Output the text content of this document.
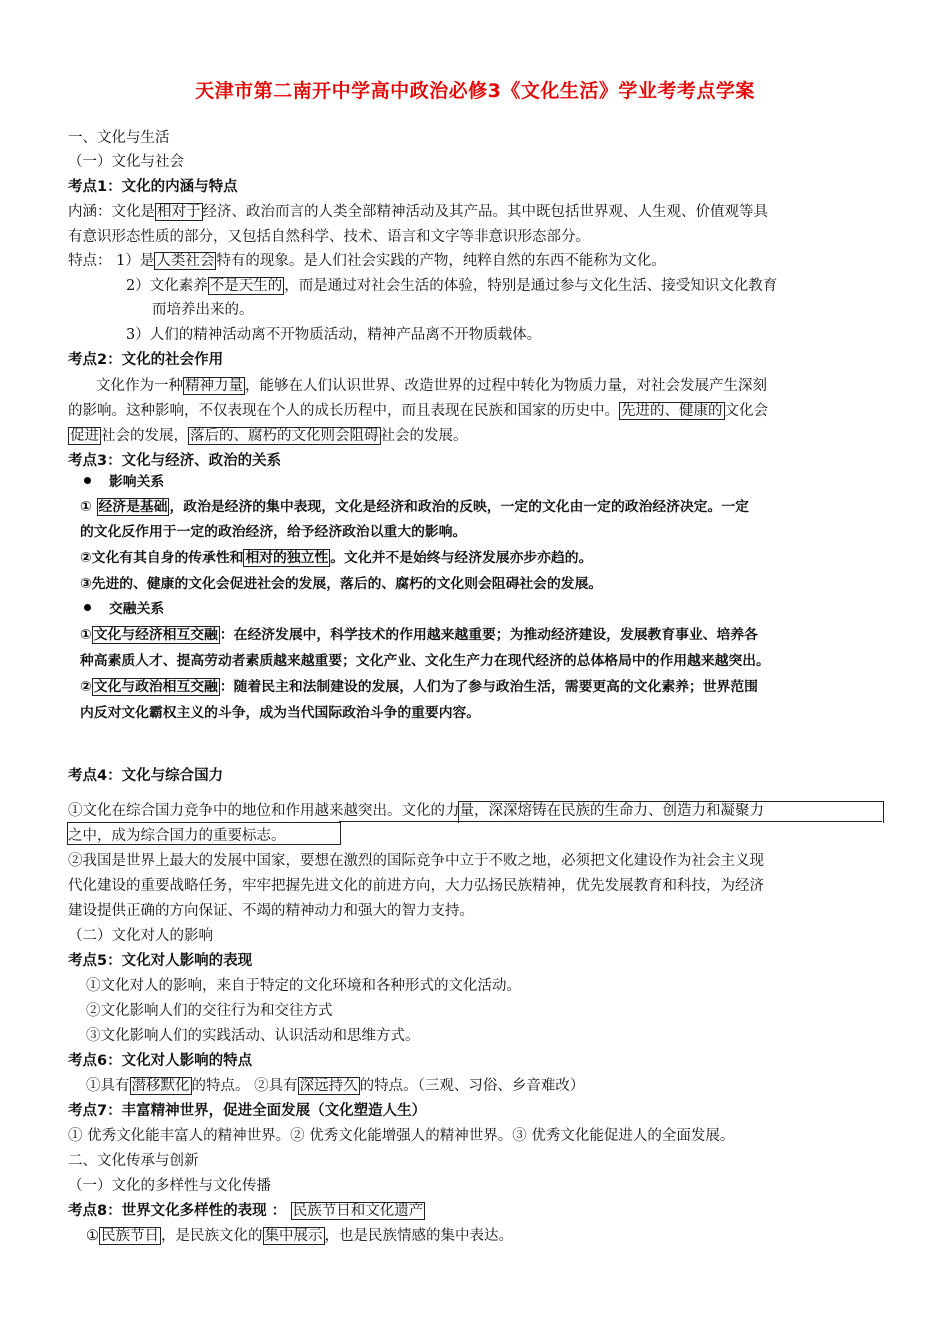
天津市第二南开中学高中政治必修3《文化生活》学业考考点学案
一、文化与生活
（一）文化与社会
考点1：文化的内涵与特点
内涵：文化是 相对于 经济、政治而言的人类全部精神活动及其产品。其中既包括世界观、人生观、价值观等具
有意识形态性质的部分，又包括自然科学、技术、语言和文字等非意识形态部分。
特点： 1）是 人类社会 特有的现象。是人们社会实践的产物，纯粹自然的东西不能称为文化。
2）文化素养 不是天生的 ，而是通过对社会生活的体验，特别是通过参与文化生活、接受知识文化教育
而培养出来的。
3）人们的精神活动离不开物质活动，精神产品离不开物质载体。
考点2：文化的社会作用
文化作为一种 精神力量 ，能够在人们认识世界、改造世界的过程中转化为物质力量，对社会发展产生深刻
的影响。这种影响，不仅表现在个人的成长历程中，而且表现在民族和国家的历史中。 先进的、健康的 文化会
促进 社会的发展， 落后的、腐朽的文化则会阻碍 社会的发展。
考点3：文化与经济、政治的关系
影响关系
① 经济是基础 ，政治是经济的集中表现，文化是经济和政治的反映，一定的文化由一定的政治经济决定。一定
的文化反作用于一定的政治经济，给予经济政治以重大的影响。
②文化有其自身的传承性和 相对的独立性 。文化并不是始终与经济发展亦步亦趋的。
③先进的、健康的文化会促进社会的发展，落后的、腐朽的文化则会阻碍社会的发展。
交融关系
① 文化与经济相互交融 ：在经济发展中，科学技术的作用越来越重要；为推动经济建设，发展教育事业、培养各
种高素质人才、提高劳动者素质越来越重要；文化产业、文化生产力在现代经济的总体格局中的作用越来越突出。
② 文化与政治相互交融 ：随着民主和法制建设的发展，人们为了参与政治生活，需要更高的文化素养；世界范围
内反对文化霸权主义的斗争，成为当代国际政治斗争的重要内容。
考点4：文化与综合国力
①文化在综合国力竞争中的地位和作用越来越突出。文化的力量，深深熔铸在民族的生命力、创造力和凝聚力
之中，成为综合国力的重要标志。
②我国是世界上最大的发展中国家，要想在激烈的国际竞争中立于不败之地，必须把文化建设作为社会主义现
代化建设的重要战略任务，牢牢把握先进文化的前进方向，大力弘扬民族精神，优先发展教育和科技，为经济
建设提供正确的方向保证、不竭的精神动力和强大的智力支持。
（二）文化对人的影响
考点5：文化对人影响的表现
①文化对人的影响，来自于特定的文化环境和各种形式的文化活动。
②文化影响人们的交往行为和交往方式
③文化影响人们的实践活动、认识活动和思维方式。
考点6：文化对人影响的特点
①具有 潜移默化 的特点。 ②具有 深远持久 的特点。（三观、习俗、乡音难改）
考点7：丰富精神世界，促进全面发展（文化塑造人生）
① 优秀文化能丰富人的精神世界。② 优秀文化能增强人的精神世界。③ 优秀文化能促进人的全面发展。
二、文化传承与创新
（一）文化的多样性与文化传播
考点8：世界文化多样性的表现 ： 民族节日和文化遗产
① 民族节日 ，是民族文化的 集中展示 ，也是民族情感的集中表达。
